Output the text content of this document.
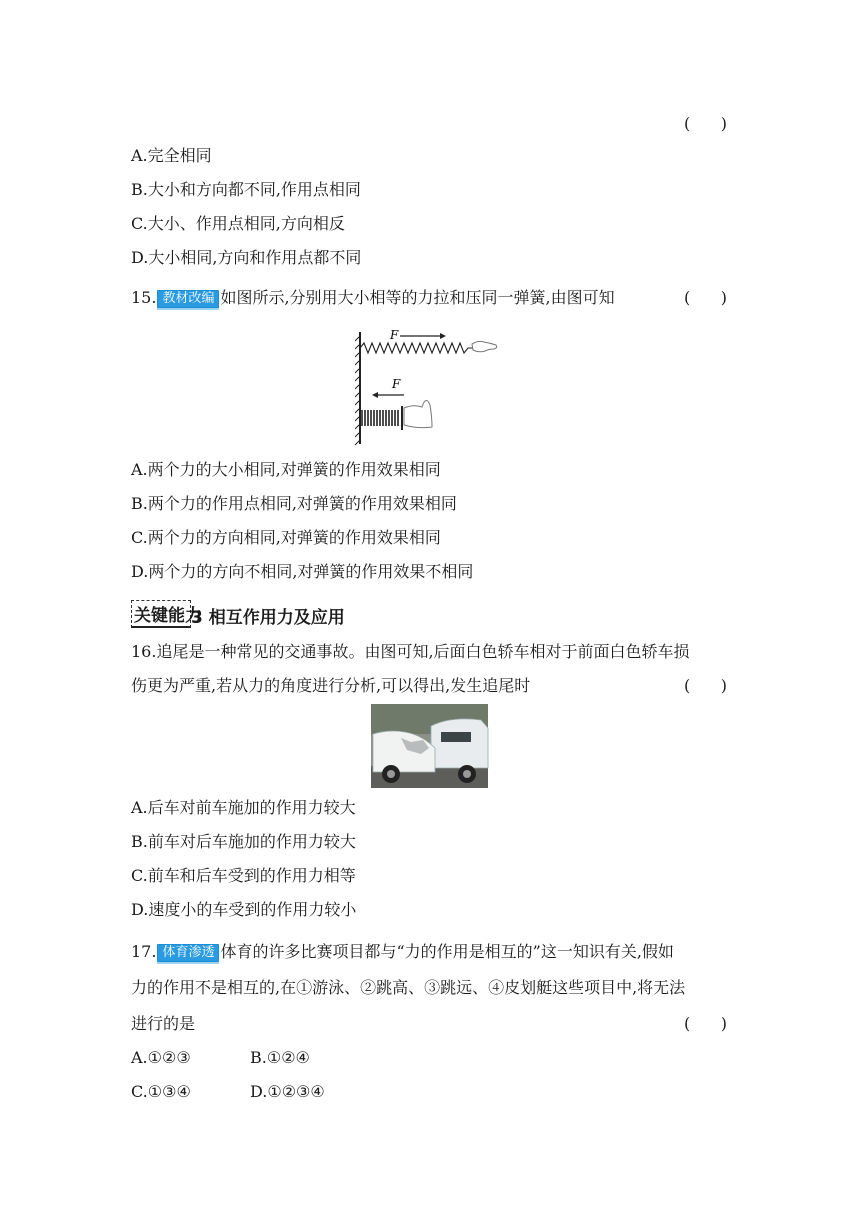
(      )
A.完全相同
B.大小和方向都不同,作用点相同
C.大小、作用点相同,方向相反
D.大小相同,方向和作用点都不同
15. 教材改编 如图所示,分别用大小相等的力拉和压同一弹簧,由图可知	(      )
F
F
A.两个力的大小相同,对弹簧的作用效果相同
B.两个力的作用点相同,对弹簧的作用效果相同
C.两个力的方向相同,对弹簧的作用效果相同
D.两个力的方向不相同,对弹簧的作用效果不相同
关键能力3 相互作用力及应用
16.追尾是一种常见的交通事故。由图可知,后面白色轿车相对于前面白色轿车损
伤更为严重,若从力的角度进行分析,可以得出,发生追尾时	(      )
A.后车对前车施加的作用力较大
B.前车对后车施加的作用力较大
C.前车和后车受到的作用力相等
D.速度小的车受到的作用力较小
17. 体育渗透 体育的许多比赛项目都与“力的作用是相互的”这一知识有关,假如
力的作用不是相互的,在①游泳、②跳高、③跳远、④皮划艇这些项目中,将无法
进行的是	(      )
A.①②③	B.①②④
C.①③④	D.①②③④
